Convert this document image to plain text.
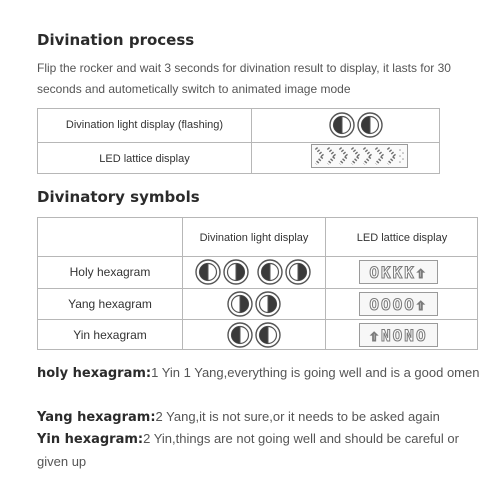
Divination process
Flip the rocker and wait 3 seconds for divination result to display, it lasts for 30 seconds and autometically switch to animated image mode
Divination light display (flashing)
LED lattice display
Divinatory symbols
Divination light display	LED lattice display
Holy hexagram
Yang hexagram
Yin hexagram
OKKK⇧
OOOO⇧
⇧NONO
holy hexagram:1 Yin 1 Yang,everything is going well and is a good omen
Yang hexagram:2 Yang,it is not sure,or it needs to be asked again
Yin hexagram:2 Yin,things are not going well and should be careful or given up
